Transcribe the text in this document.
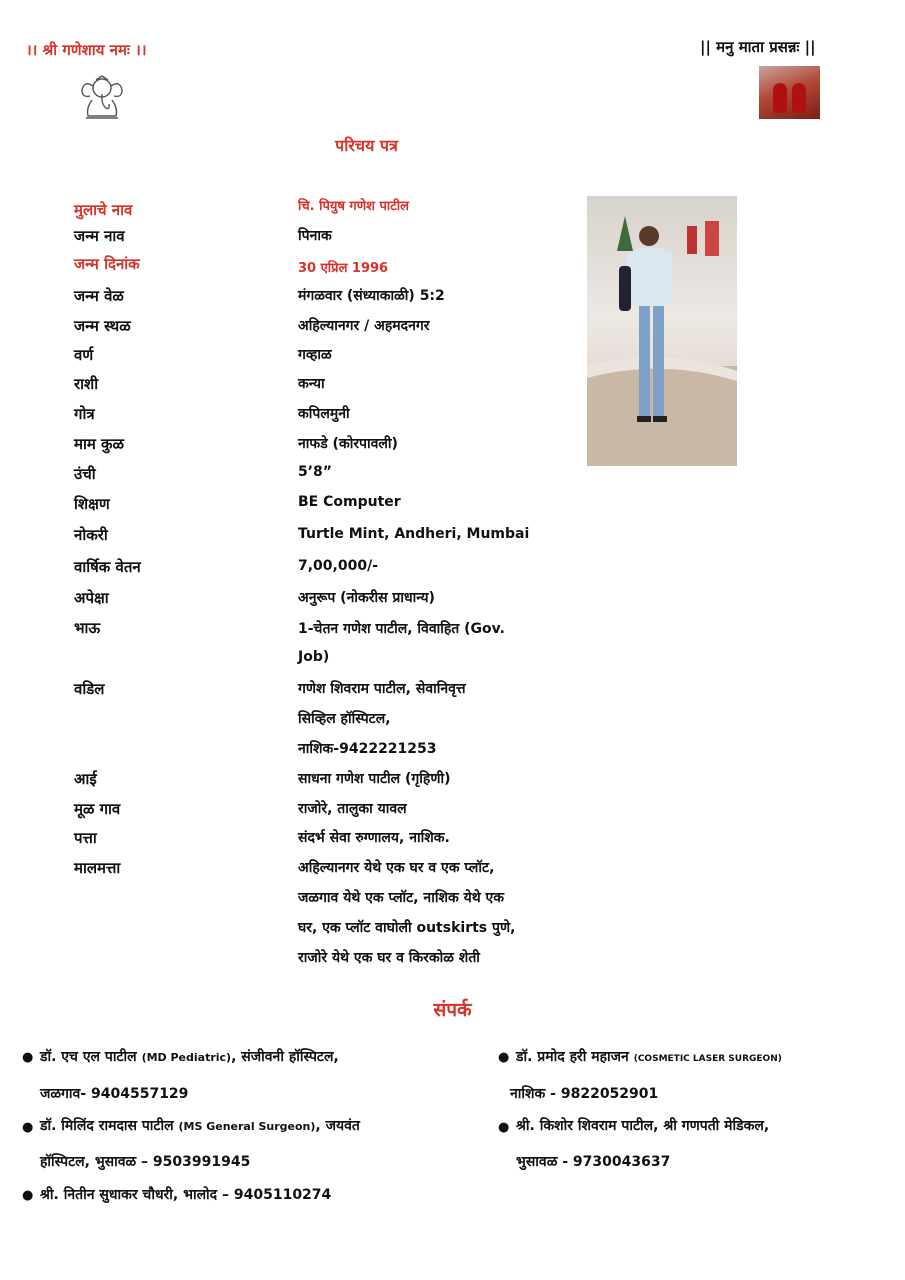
।। श्री गणेशाय नमः ।।	|| मनु माता प्रसन्नः ||
परिचय पत्र
मुलाचे नाव	चि. पियुष गणेश पाटील
जन्म नाव	पिनाक
जन्म दिनांक	30 एप्रिल 1996
जन्म वेळ	मंगळवार (संध्याकाळी) 5:2
जन्म स्थळ	अहिल्यानगर / अहमदनगर
वर्ण	गव्हाळ
राशी	कन्या
गोत्र	कपिलमुनी
माम कुळ	नाफडे (कोरपावली)
उंची	5’8”
शिक्षण	BE Computer
नोकरी	Turtle Mint, Andheri, Mumbai
वार्षिक वेतन	7,00,000/-
अपेक्षा	अनुरूप (नोकरीस प्राधान्य)
भाऊ	1-चेतन गणेश पाटील, विवाहित (Gov.
Job)
वडिल	गणेश शिवराम पाटील, सेवानिवृत्त
सिव्हिल हॉस्पिटल,
नाशिक-9422221253
आई	साधना गणेश पाटील (गृहिणी)
मूळ गाव	राजोरे, तालुका यावल
पत्ता	संदर्भ सेवा रुग्णालय, नाशिक.
मालमत्ता	अहिल्यानगर येथे एक घर व एक प्लॉट,
जळगाव येथे एक प्लॉट, नाशिक येथे एक
घर, एक प्लॉट वाघोली outskirts पुणे,
राजोरे येथे एक घर व किरकोळ शेती
संपर्क
● डॉ. एच एल पाटील (MD Pediatric), संजीवनी हॉस्पिटल,
जळगाव- 9404557129
● डॉ. मिलिंद रामदास पाटील (MS General Surgeon), जयवंत
हॉस्पिटल, भुसावळ – 9503991945
● श्री. नितीन सुधाकर चौधरी, भालोद – 9405110274
● डॉ. प्रमोद हरी महाजन (COSMETIC LASER SURGEON)
नाशिक - 9822052901
● श्री. किशोर शिवराम पाटील, श्री गणपती मेडिकल,
भुसावळ - 9730043637
